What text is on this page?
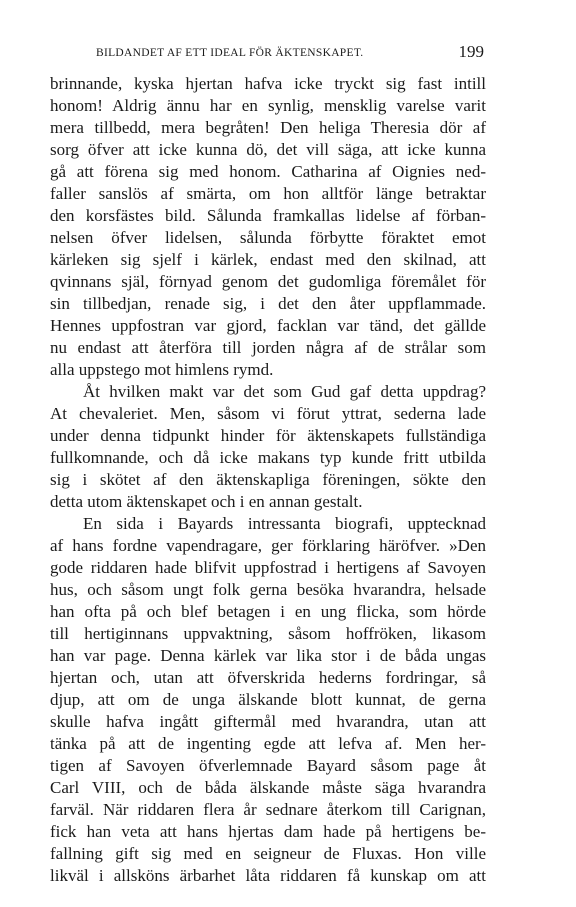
BILDANDET AF ETT IDEAL FÖR ÄKTENSKAPET.	199
brinnande, kyska hjertan hafva icke tryckt sig fast intill
honom! Aldrig ännu har en synlig, mensklig varelse varit
mera tillbedd, mera begråten! Den heliga Theresia dör af
sorg öfver att icke kunna dö, det vill säga, att icke kunna
gå att förena sig med honom. Catharina af Oignies ned-
faller sanslös af smärta, om hon alltför länge betraktar
den korsfästes bild. Sålunda framkallas lidelse af förban-
nelsen öfver lidelsen, sålunda förbytte föraktet emot
kärleken sig sjelf i kärlek, endast med den skilnad, att
qvinnans själ, förnyad genom det gudomliga föremålet för
sin tillbedjan, renade sig, i det den åter uppflammade.
Hennes uppfostran var gjord, facklan var tänd, det gällde
nu endast att återföra till jorden några af de strålar som
alla uppstego mot himlens rymd.
Åt hvilken makt var det som Gud gaf detta uppdrag?
At chevaleriet. Men, såsom vi förut yttrat, sederna lade
under denna tidpunkt hinder för äktenskapets fullständiga
fullkomnande, och då icke makans typ kunde fritt utbilda
sig i skötet af den äktenskapliga föreningen, sökte den
detta utom äktenskapet och i en annan gestalt.
En sida i Bayards intressanta biografi, upptecknad
af hans fordne vapendragare, ger förklaring häröfver. »Den
gode riddaren hade blifvit uppfostrad i hertigens af Savoyen
hus, och såsom ungt folk gerna besöka hvarandra, helsade
han ofta på och blef betagen i en ung flicka, som hörde
till hertiginnans uppvaktning, såsom hoffröken, likasom
han var page. Denna kärlek var lika stor i de båda ungas
hjertan och, utan att öfverskrida hederns fordringar, så
djup, att om de unga älskande blott kunnat, de gerna
skulle hafva ingått giftermål med hvarandra, utan att
tänka på att de ingenting egde att lefva af. Men her-
tigen af Savoyen öfverlemnade Bayard såsom page åt
Carl VIII, och de båda älskande måste säga hvarandra
farväl. När riddaren flera år sednare återkom till Carignan,
fick han veta att hans hjertas dam hade på hertigens be-
fallning gift sig med en seigneur de Fluxas. Hon ville
likväl i allsköns ärbarhet låta riddaren få kunskap om att
